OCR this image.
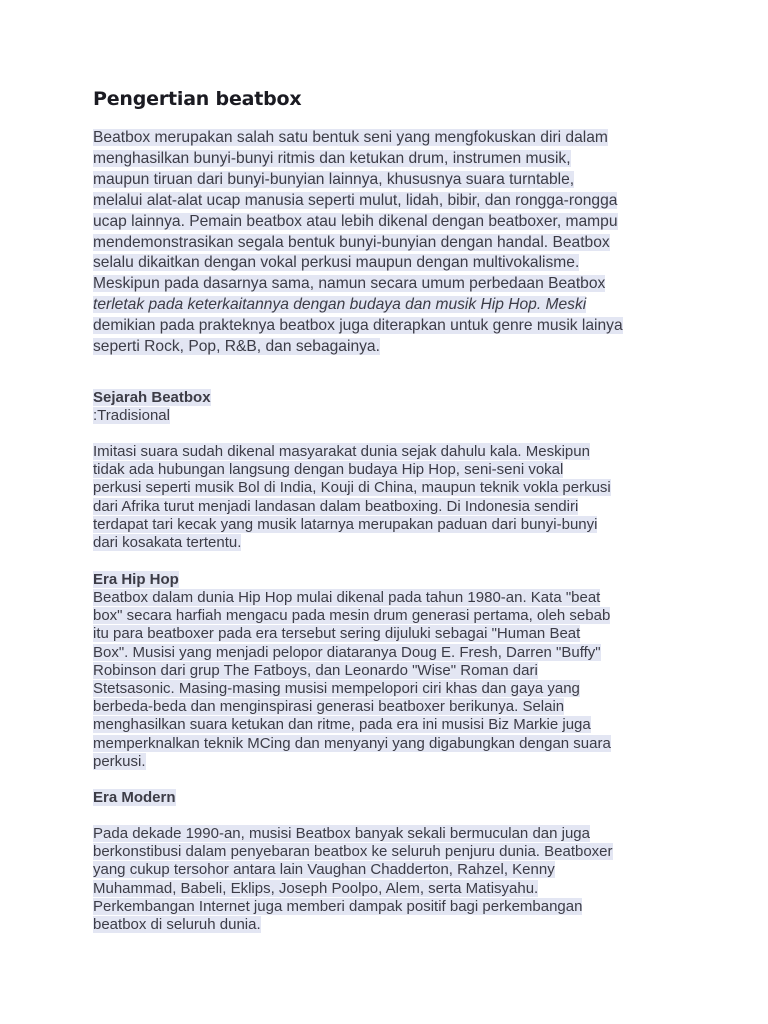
Pengertian beatbox

Beatbox merupakan salah satu bentuk seni yang mengfokuskan diri dalam
menghasilkan bunyi-bunyi ritmis dan ketukan drum, instrumen musik,
maupun tiruan dari bunyi-bunyian lainnya, khususnya suara turntable,
melalui alat-alat ucap manusia seperti mulut, lidah, bibir, dan rongga-rongga
ucap lainnya. Pemain beatbox atau lebih dikenal dengan beatboxer, mampu
mendemonstrasikan segala bentuk bunyi-bunyian dengan handal. Beatbox
selalu dikaitkan dengan vokal perkusi maupun dengan multivokalisme.
Meskipun pada dasarnya sama, namun secara umum perbedaan Beatbox
terletak pada keterkaitannya dengan budaya dan musik Hip Hop. Meski
demikian pada prakteknya beatbox juga diterapkan untuk genre musik lainya
seperti Rock, Pop, R&B, dan sebagainya.

Sejarah Beatbox
:Tradisional

Imitasi suara sudah dikenal masyarakat dunia sejak dahulu kala. Meskipun
tidak ada hubungan langsung dengan budaya Hip Hop, seni-seni vokal
perkusi seperti musik Bol di India, Kouji di China, maupun teknik vokla perkusi
dari Afrika turut menjadi landasan dalam beatboxing. Di Indonesia sendiri
terdapat tari kecak yang musik latarnya merupakan paduan dari bunyi-bunyi
dari kosakata tertentu.

Era Hip Hop

Beatbox dalam dunia Hip Hop mulai dikenal pada tahun 1980-an. Kata "beat
box" secara harfiah mengacu pada mesin drum generasi pertama, oleh sebab
itu para beatboxer pada era tersebut sering dijuluki sebagai "Human Beat
Box". Musisi yang menjadi pelopor diataranya Doug E. Fresh, Darren "Buffy"
Robinson dari grup The Fatboys, dan Leonardo "Wise" Roman dari
Stetsasonic. Masing-masing musisi mempelopori ciri khas dan gaya yang
berbeda-beda dan menginspirasi generasi beatboxer berikunya. Selain
menghasilkan suara ketukan dan ritme, pada era ini musisi Biz Markie juga
memperknalkan teknik MCing dan menyanyi yang digabungkan dengan suara
perkusi.

Era Modern

Pada dekade 1990-an, musisi Beatbox banyak sekali bermuculan dan juga
berkonstibusi dalam penyebaran beatbox ke seluruh penjuru dunia. Beatboxer
yang cukup tersohor antara lain Vaughan Chadderton, Rahzel, Kenny
Muhammad, Babeli, Eklips, Joseph Poolpo, Alem, serta Matisyahu.
Perkembangan Internet juga memberi dampak positif bagi perkembangan
beatbox di seluruh dunia.
